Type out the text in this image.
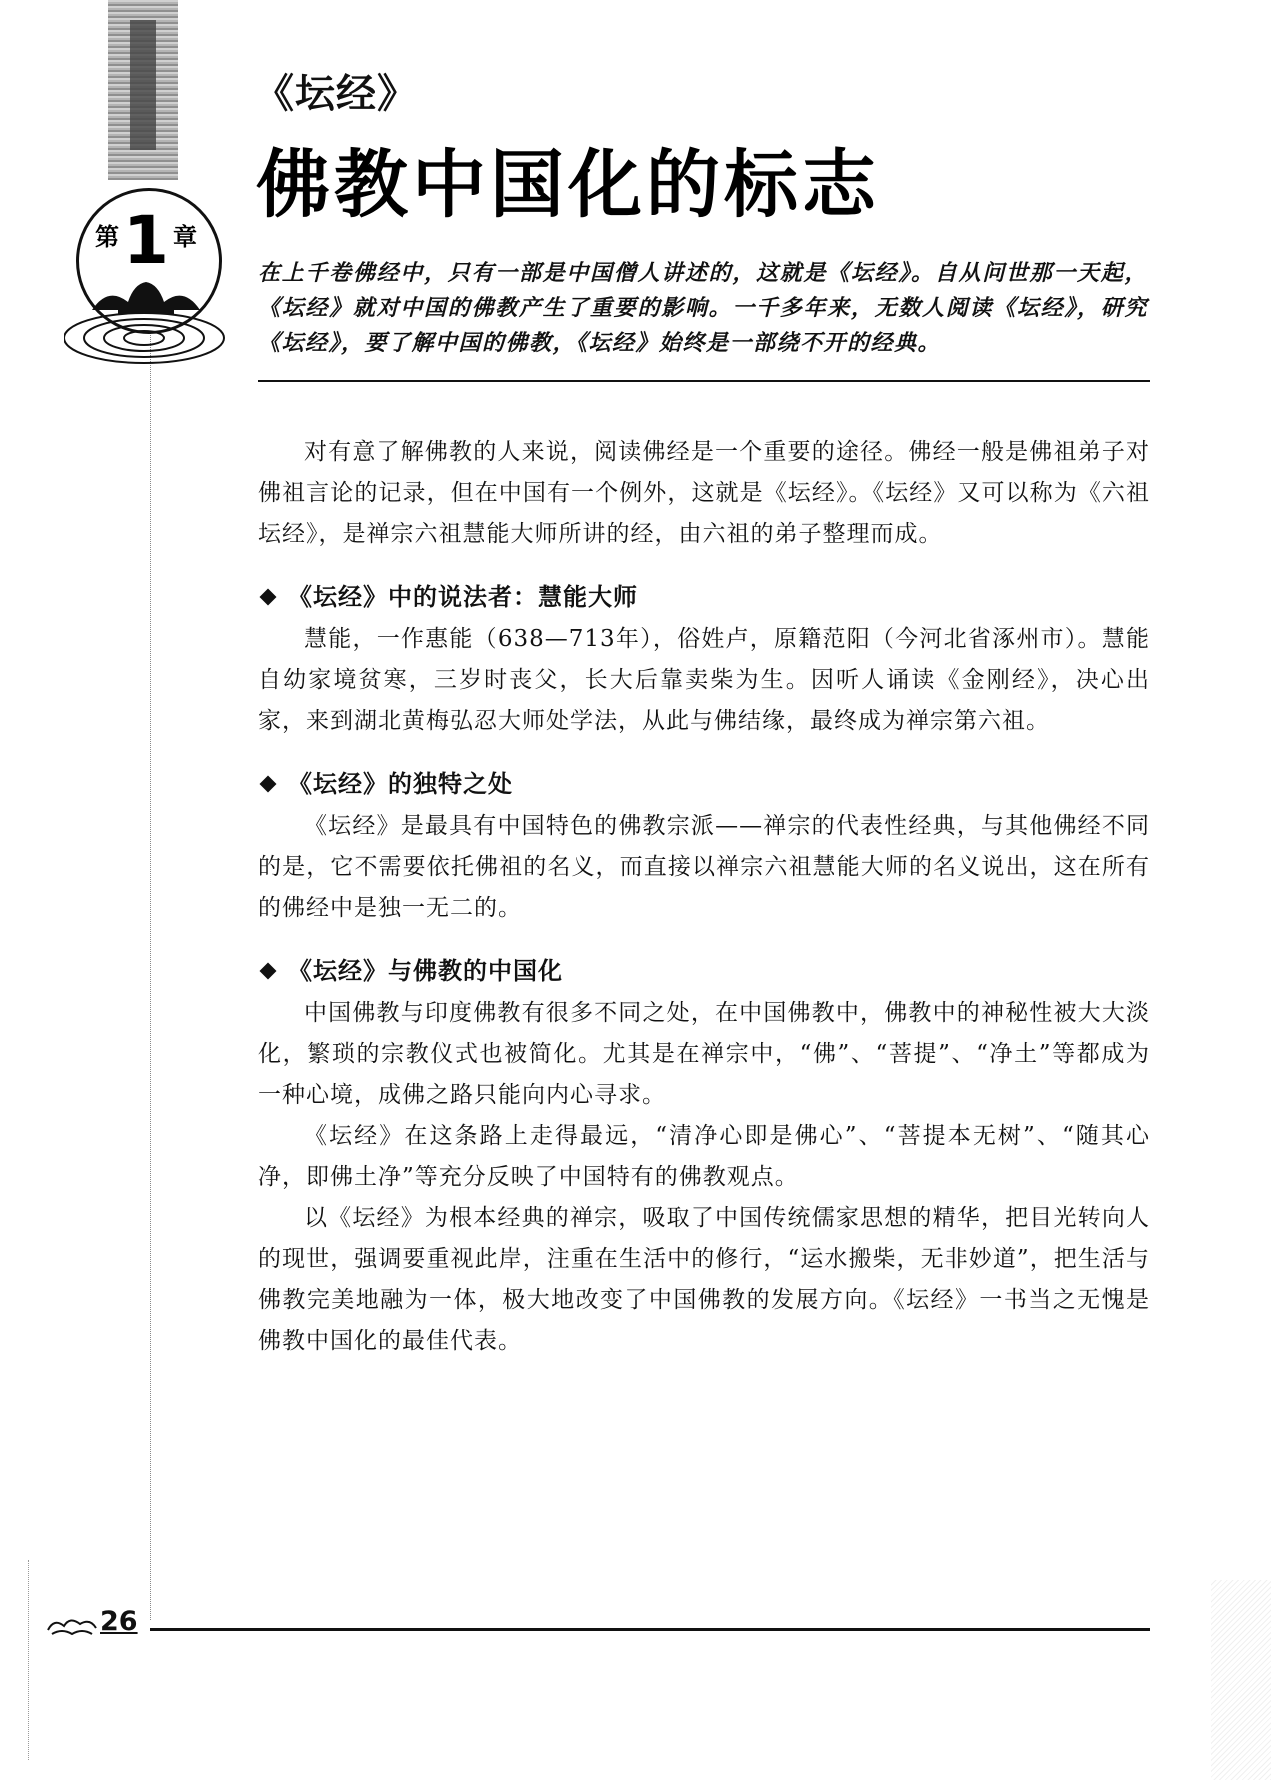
第1 章
《坛经》
佛教中国化的标志

在上千卷佛经中，只有一部是中国僧人讲述的，这就是《坛经》。自从问世那一天起，《坛经》就对中国的佛教产生了重要的影响。一千多年来，无数人阅读《坛经》，研究《坛经》，要了解中国的佛教，《坛经》始终是一部绕不开的经典。

对有意了解佛教的人来说，阅读佛经是一个重要的途径。佛经一般是佛祖弟子对佛祖言论的记录，但在中国有一个例外，这就是《坛经》。《坛经》又可以称为《六祖坛经》，是禅宗六祖慧能大师所讲的经，由六祖的弟子整理而成。

《坛经》中的说法者：慧能大师

慧能，一作惠能（638—713年），俗姓卢，原籍范阳（今河北省涿州市）。慧能自幼家境贫寒，三岁时丧父，长大后靠卖柴为生。因听人诵读《金刚经》，决心出家，来到湖北黄梅弘忍大师处学法，从此与佛结缘，最终成为禅宗第六祖。

《坛经》的独特之处

《坛经》是最具有中国特色的佛教宗派——禅宗的代表性经典，与其他佛经不同的是，它不需要依托佛祖的名义，而直接以禅宗六祖慧能大师的名义说出，这在所有的佛经中是独一无二的。

《坛经》与佛教的中国化

中国佛教与印度佛教有很多不同之处，在中国佛教中，佛教中的神秘性被大大淡化，繁琐的宗教仪式也被简化。尤其是在禅宗中，“佛”、“菩提”、“净土”等都成为一种心境，成佛之路只能向内心寻求。

《坛经》在这条路上走得最远，“清净心即是佛心”、“菩提本无树”、“随其心净，即佛土净”等充分反映了中国特有的佛教观点。

以《坛经》为根本经典的禅宗，吸取了中国传统儒家思想的精华，把目光转向人的现世，强调要重视此岸，注重在生活中的修行，“运水搬柴，无非妙道”，把生活与佛教完美地融为一体，极大地改变了中国佛教的发展方向。《坛经》一书当之无愧是佛教中国化的最佳代表。

26
